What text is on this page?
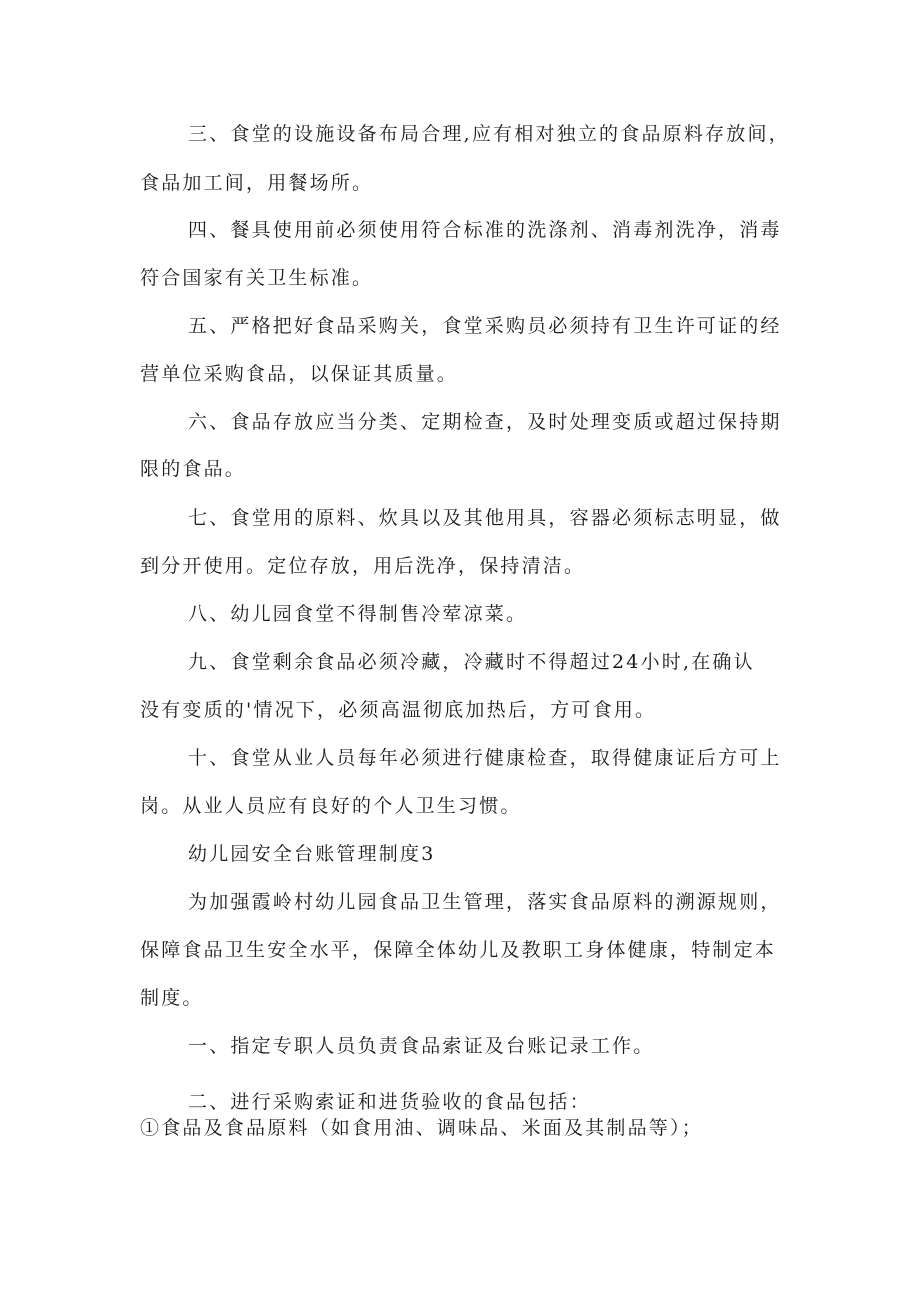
三、食堂的设施设备布局合理,应有相对独立的食品原料存放间，
食品加工间，用餐场所。
四、餐具使用前必须使用符合标准的洗涤剂、消毒剂洗净，消毒
符合国家有关卫生标准。
五、严格把好食品采购关，食堂采购员必须持有卫生许可证的经
营单位采购食品，以保证其质量。
六、食品存放应当分类、定期检查，及时处理变质或超过保持期
限的食品。
七、食堂用的原料、炊具以及其他用具，容器必须标志明显，做
到分开使用。定位存放，用后洗净，保持清洁。
八、幼儿园食堂不得制售冷荤凉菜。
九、食堂剩余食品必须冷藏，冷藏时不得超过24小时,在确认
没有变质的'情况下，必须高温彻底加热后，方可食用。
十、食堂从业人员每年必须进行健康检查，取得健康证后方可上
岗。从业人员应有良好的个人卫生习惯。
幼儿园安全台账管理制度3
为加强霞岭村幼儿园食品卫生管理，落实食品原料的溯源规则，
保障食品卫生安全水平，保障全体幼儿及教职工身体健康，特制定本
制度。
一、指定专职人员负责食品索证及台账记录工作。
二、进行采购索证和进货验收的食品包括：
①食品及食品原料（如食用油、调味品、米面及其制品等）；
